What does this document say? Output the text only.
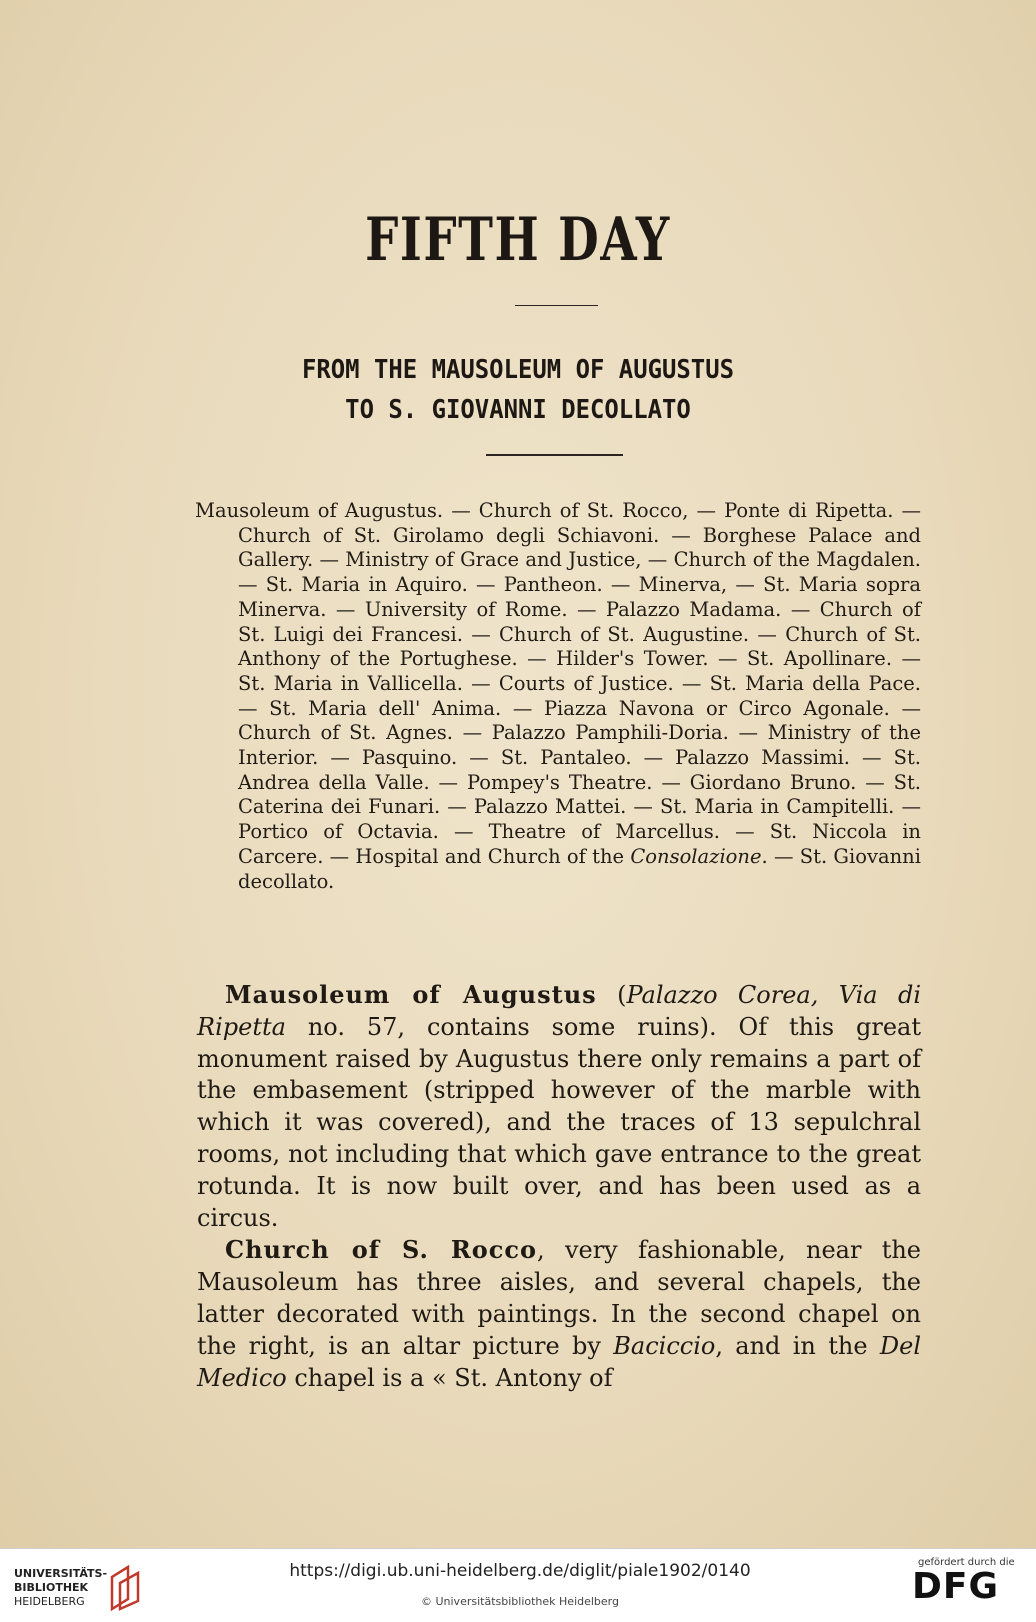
FIFTH DAY
FROM THE MAUSOLEUM OF AUGUSTUS
TO S. GIOVANNI DECOLLATO

Mausoleum of Augustus. — Church of St. Rocco, — Ponte di Ripetta. — Church of St. Girolamo degli Schiavoni. — Borghese Palace and Gallery. — Ministry of Grace and Justice, — Church of the Magdalen. — St. Maria in Aquiro. — Pantheon. — Minerva, — St. Maria sopra Minerva. — University of Rome. — Palazzo Madama. — Church of St. Luigi dei Francesi. — Church of St. Augustine. — Church of St. Anthony of the Portughese. — Hilder's Tower. — St. Apollinare. — St. Maria in Vallicella. — Courts of Justice. — St. Maria della Pace. — St. Maria dell' Anima. — Piazza Navona or Circo Agonale. — Church of St. Agnes. — Palazzo Pamphili-Doria. — Ministry of the Interior. — Pasquino. — St. Pantaleo. — Palazzo Massimi. — St. Andrea della Valle. — Pompey's Theatre. — Giordano Bruno. — St. Caterina dei Funari. — Palazzo Mattei. — St. Maria in Campitelli. — Portico of Octavia. — Theatre of Marcellus. — St. Niccola in Carcere. — Hospital and Church of the Consolazione. — St. Giovanni decollato.

Mausoleum of Augustus (Palazzo Corea, Via di Ripetta no. 57, contains some ruins). Of this great monument raised by Augustus there only remains a part of the embasement (stripped however of the marble with which it was covered), and the traces of 13 sepulchral rooms, not including that which gave entrance to the great rotunda. It is now built over, and has been used as a circus.

Church of S. Rocco, very fashionable, near the Mausoleum has three aisles, and several chapels, the latter decorated with paintings. In the second chapel on the right, is an altar picture by Baciccio, and in the Del Medico chapel is a « St. Antony of

UNIVERSITÄTS-
BIBLIOTHEK
HEIDELBERG
https://digi.ub.uni-heidelberg.de/diglit/piale1902/0140
© Universitätsbibliothek Heidelberg
gefördert durch die
DFG
